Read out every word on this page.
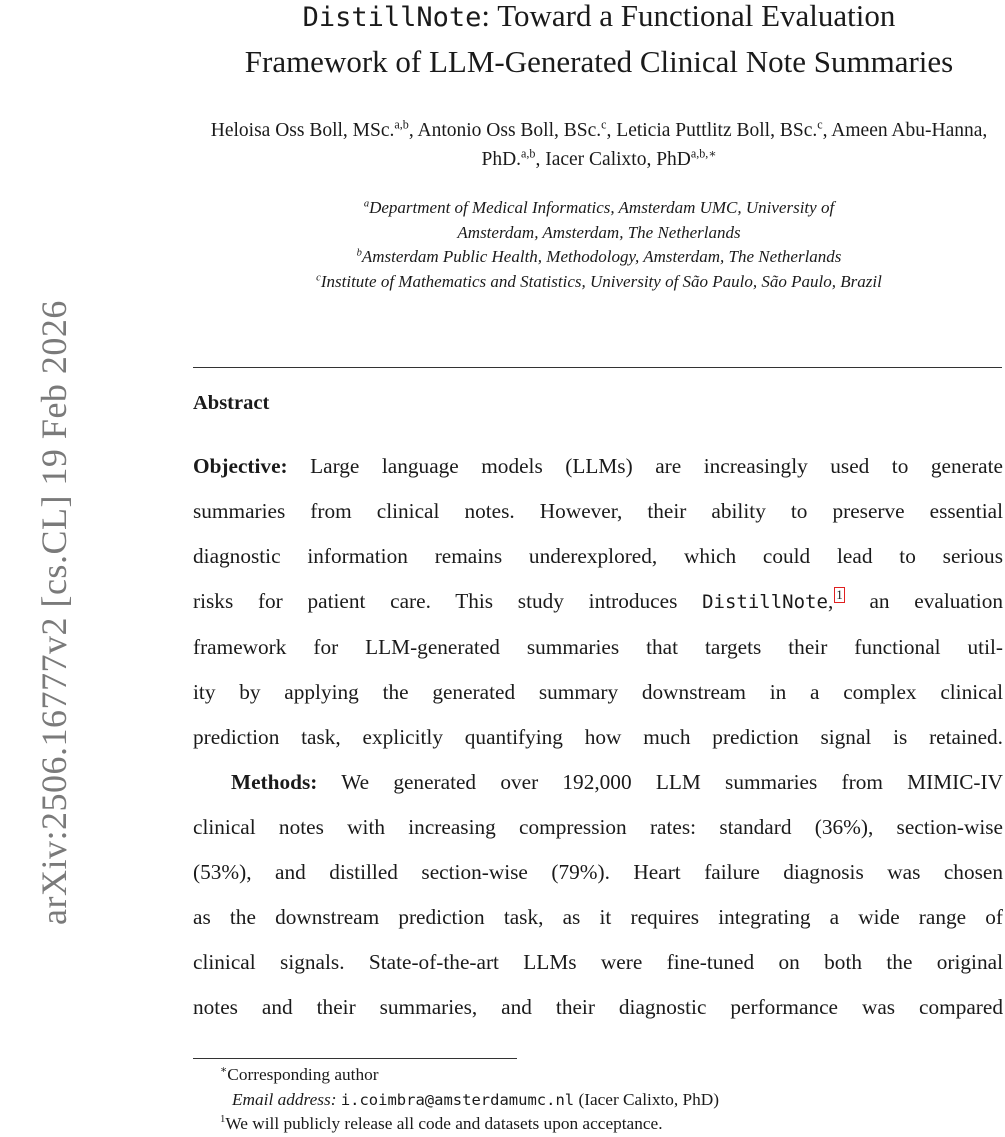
arXiv:2506.16777v2 [cs.CL] 19 Feb 2026
DistillNote: Toward a Functional Evaluation
Framework of LLM-Generated Clinical Note Summaries
Heloisa Oss Boll, MSc.$^{a,b}$, Antonio Oss Boll, BSc.$^c$, Leticia Puttlitz Boll, BSc.$^c$, Ameen Abu-Hanna, PhD.$^{a,b}$, Iacer Calixto, PhD$^{a,b,∗}$
$^a$Department of Medical Informatics, Amsterdam UMC, University of
Amsterdam, Amsterdam, The Netherlands
$^b$Amsterdam Public Health, Methodology, Amsterdam, The Netherlands
$^c$Institute of Mathematics and Statistics, University of São Paulo, São Paulo, Brazil
Abstract

Objective: Large language models (LLMs) are increasingly used to generate
summaries from clinical notes. However, their ability to preserve essential
diagnostic information remains underexplored, which could lead to serious
risks for patient care. This study introduces DistillNote, 1 an evaluation
framework for LLM-generated summaries that targets their functional util-
ity by applying the generated summary downstream in a complex clinical
prediction task, explicitly quantifying how much prediction signal is retained.

Methods: We generated over 192,000 LLM summaries from MIMIC-IV
clinical notes with increasing compression rates: standard (36%), section-wise
(53%), and distilled section-wise (79%). Heart failure diagnosis was chosen
as the downstream prediction task, as it requires integrating a wide range of
clinical signals. State-of-the-art LLMs were fine-tuned on both the original
notes and their summaries, and their diagnostic performance was compared

∗Corresponding author
Email address: i.coimbra@amsterdamumc.nl (Iacer Calixto, PhD)
$^1$We will publicly release all code and datasets upon acceptance.
